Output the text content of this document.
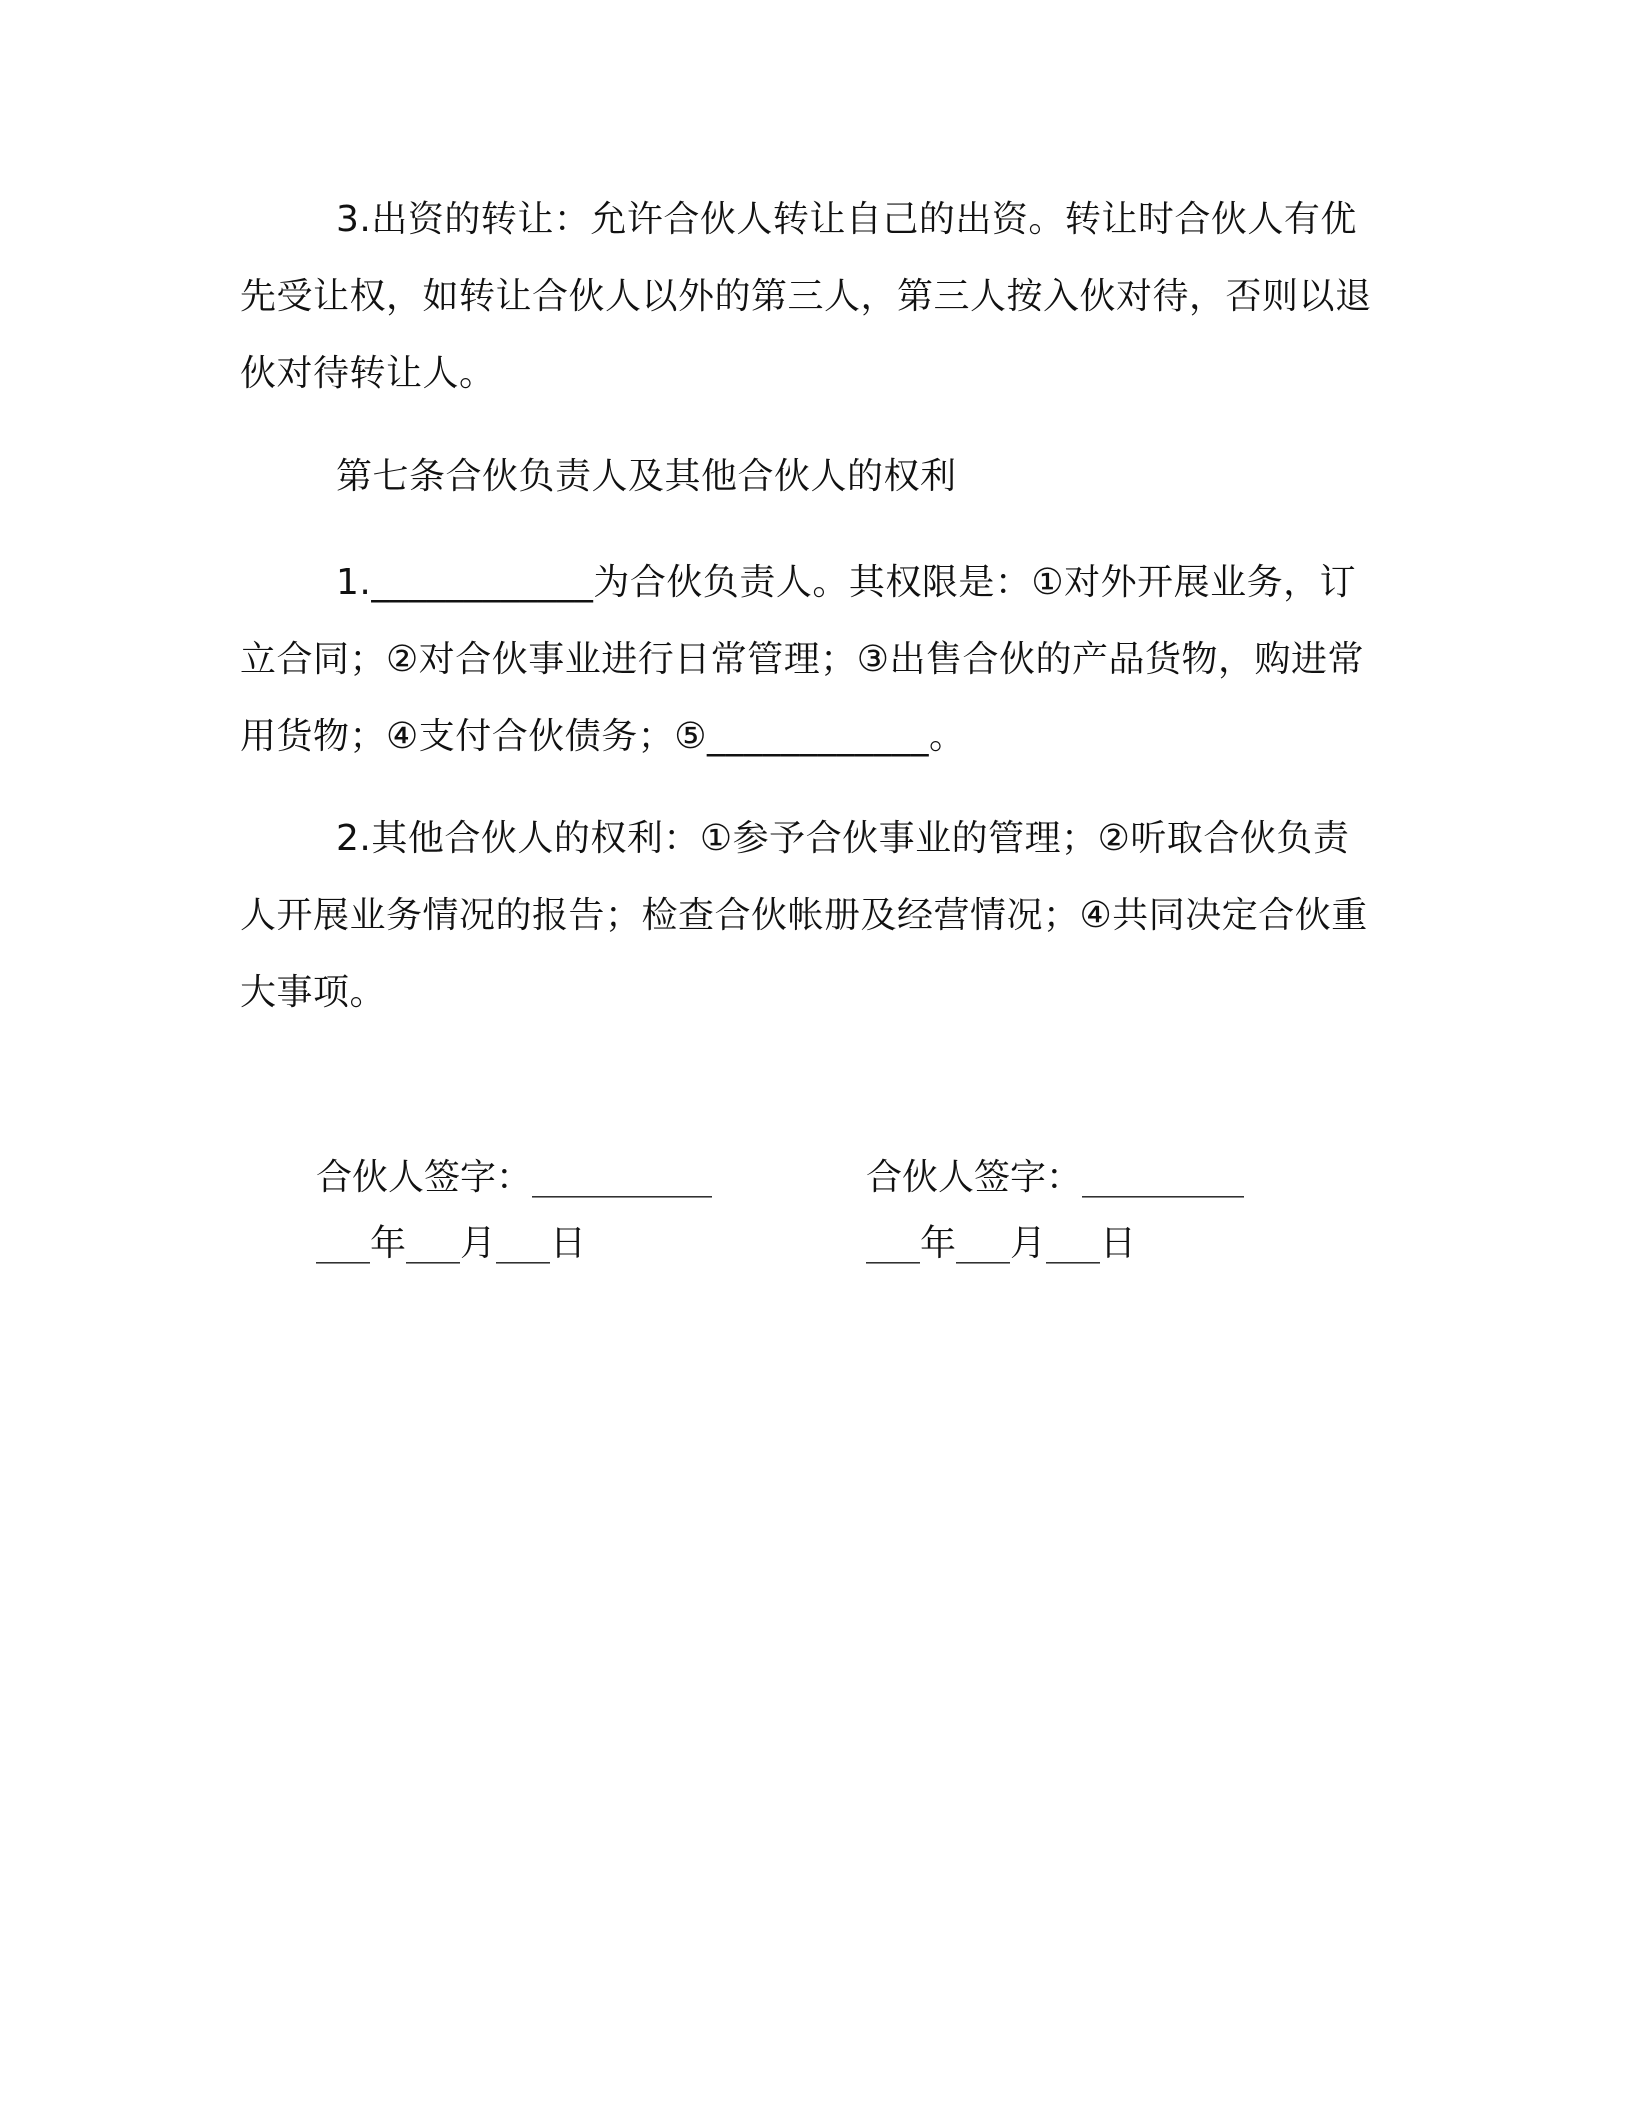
3.出资的转让：允许合伙人转让自己的出资。转让时合伙人有优先受让权，如转让合伙人以外的第三人，第三人按入伙对待，否则以退伙对待转让人。

第七条合伙负责人及其他合伙人的权利

1.____________为合伙负责人。其权限是：①对外开展业务，订立合同；②对合伙事业进行日常管理；③出售合伙的产品货物，购进常用货物；④支付合伙债务；⑤____________。

2.其他合伙人的权利：①参予合伙事业的管理；②听取合伙负责人开展业务情况的报告；检查合伙帐册及经营情况；④共同决定合伙重大事项。

合伙人签字：__________
___年___月___日
合伙人签字：_________
___年___月___日
